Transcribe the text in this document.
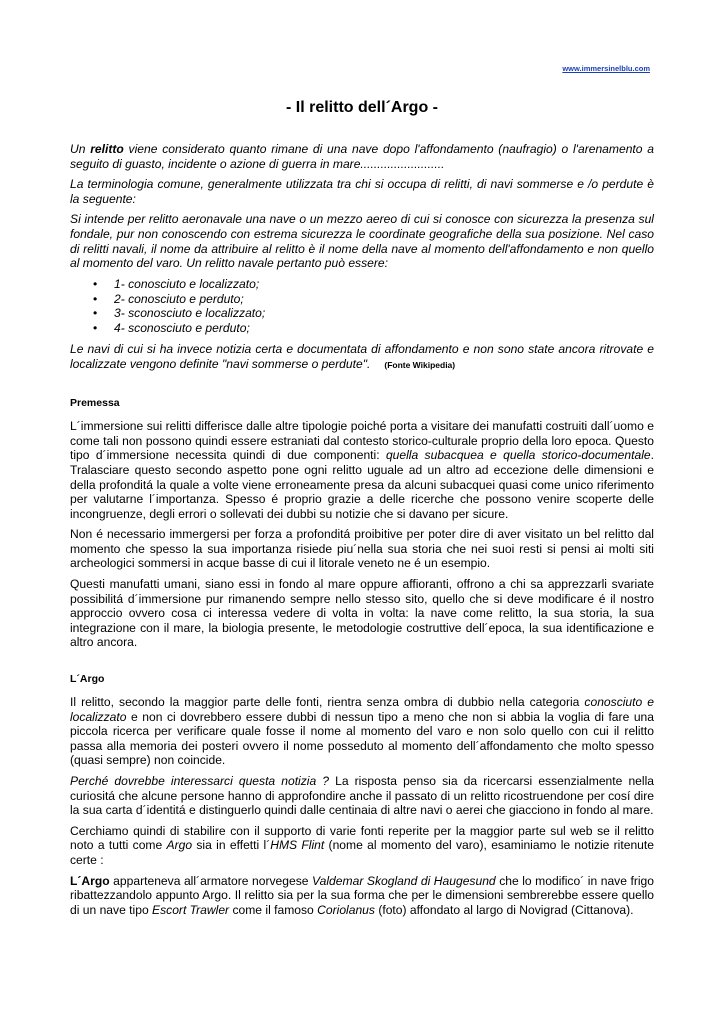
www.immersinelblu.com
- Il relitto dell´Argo -

Un relitto viene considerato quanto rimane di una nave dopo l'affondamento (naufragio) o l'arenamento a seguito di guasto, incidente o azione di guerra in mare.........................

La terminologia comune, generalmente utilizzata tra chi si occupa di relitti, di navi sommerse e /o perdute è la seguente:

Si intende per relitto aeronavale una nave o un mezzo aereo di cui si conosce con sicurezza la presenza sul fondale, pur non conoscendo con estrema sicurezza le coordinate geografiche della sua posizione. Nel caso di relitti navali, il nome da attribuire al relitto è il nome della nave al momento dell'affondamento e non quello al momento del varo. Un relitto navale pertanto può essere:

• 1- conosciuto e localizzato;
• 2- conosciuto e perduto;
• 3- sconosciuto e localizzato;
• 4- sconosciuto e perduto;

Le navi di cui si ha invece notizia certa e documentata di affondamento e non sono state ancora ritrovate e localizzate vengono definite "navi sommerse o perdute". (Fonte Wikipedia)

Premessa

L´immersione sui relitti differisce dalle altre tipologie poiché porta a visitare dei manufatti costruiti dall´uomo e come tali non possono quindi essere estraniati dal contesto storico-culturale proprio della loro epoca. Questo tipo d´immersione necessita quindi di due componenti: quella subacquea e quella storico-documentale. Tralasciare questo secondo aspetto pone ogni relitto uguale ad un altro ad eccezione delle dimensioni e della profonditá la quale a volte viene erroneamente presa da alcuni subacquei quasi come unico riferimento per valutarne l´importanza. Spesso é proprio grazie a delle ricerche che possono venire scoperte delle incongruenze, degli errori o sollevati dei dubbi su notizie che si davano per sicure.

Non é necessario immergersi per forza a profonditá proibitive per poter dire di aver visitato un bel relitto dal momento che spesso la sua importanza risiede piu´nella sua storia che nei suoi resti si pensi ai molti siti archeologici sommersi in acque basse di cui il litorale veneto ne é un esempio.

Questi manufatti umani, siano essi in fondo al mare oppure affioranti, offrono a chi sa apprezzarli svariate possibilitá d´immersione pur rimanendo sempre nello stesso sito, quello che si deve modificare é il nostro approccio ovvero cosa ci interessa vedere di volta in volta: la nave come relitto, la sua storia, la sua integrazione con il mare, la biologia presente, le metodologie costruttive dell´epoca, la sua identificazione e altro ancora.

L´Argo

Il relitto, secondo la maggior parte delle fonti, rientra senza ombra di dubbio nella categoria conosciuto e localizzato e non ci dovrebbero essere dubbi di nessun tipo a meno che non si abbia la voglia di fare una piccola ricerca per verificare quale fosse il nome al momento del varo e non solo quello con cui il relitto passa alla memoria dei posteri ovvero il nome posseduto al momento dell´affondamento che molto spesso (quasi sempre) non coincide.

Perché dovrebbe interessarci questa notizia ? La risposta penso sia da ricercarsi essenzialmente nella curiositá che alcune persone hanno di approfondire anche il passato di un relitto ricostruendone per cosí dire la sua carta d´identitá e distinguerlo quindi dalle centinaia di altre navi o aerei che giacciono in fondo al mare.

Cerchiamo quindi di stabilire con il supporto di varie fonti reperite per la maggior parte sul web se il relitto noto a tutti come Argo sia in effetti l´HMS Flint (nome al momento del varo), esaminiamo le notizie ritenute certe :

L´Argo apparteneva all´armatore norvegese Valdemar Skogland di Haugesund che lo modifico´ in nave frigo ribattezzandolo appunto Argo. Il relitto sia per la sua forma che per le dimensioni sembrerebbe essere quello di un nave tipo Escort Trawler come il famoso Coriolanus (foto) affondato al largo di Novigrad (Cittanova).
